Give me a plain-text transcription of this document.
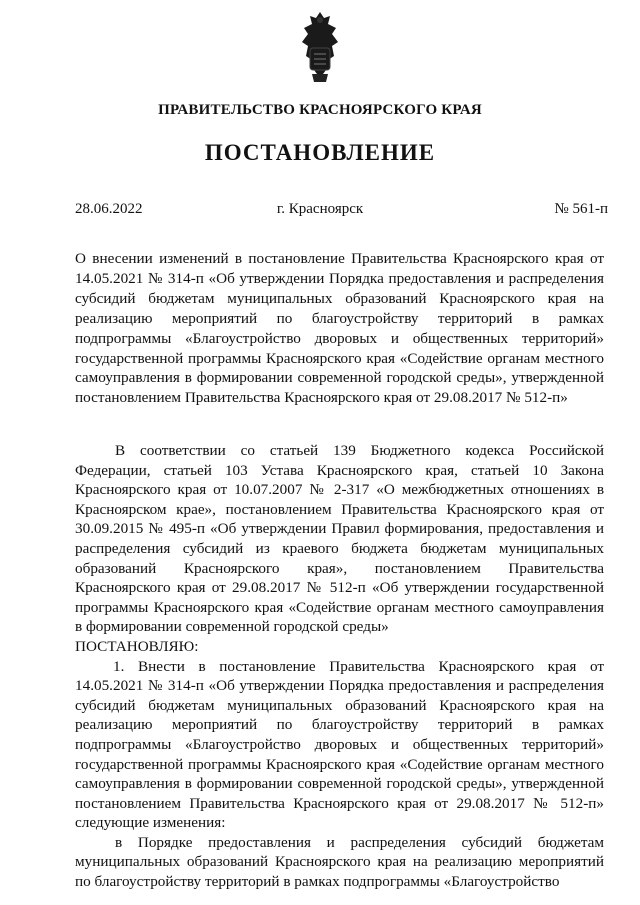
ПРАВИТЕЛЬСТВО КРАСНОЯРСКОГО КРАЯ
ПОСТАНОВЛЕНИЕ
28.06.2022	г. Красноярск	№ 561-п
О внесении изменений в постановление Правительства Красноярского края от 14.05.2021 № 314-п «Об утверждении Порядка предоставления и распределения субсидий бюджетам муниципальных образований Красноярского края на реализацию мероприятий по благоустройству территорий в рамках подпрограммы «Благоустройство дворовых и общественных территорий» государственной программы Красноярского края «Содействие органам местного самоуправления в формировании современной городской среды», утвержденной постановлением Правительства Красноярского края от 29.08.2017 № 512-п»

В соответствии со статьей 139 Бюджетного кодекса Российской Федерации, статьей 103 Устава Красноярского края, статьей 10 Закона Красноярского края от 10.07.2007 № 2-317 «О межбюджетных отношениях в Красноярском крае», постановлением Правительства Красноярского края от 30.09.2015 № 495-п «Об утверждении Правил формирования, предоставления и распределения субсидий из краевого бюджета бюджетам муниципальных образований Красноярского края», постановлением Правительства Красноярского края от 29.08.2017 № 512-п «Об утверждении государственной программы Красноярского края «Содействие органам местного самоуправления в формировании современной городской среды»

ПОСТАНОВЛЯЮ:

1. Внести в постановление Правительства Красноярского края от 14.05.2021 № 314-п «Об утверждении Порядка предоставления и распределения субсидий бюджетам муниципальных образований Красноярского края на реализацию мероприятий по благоустройству территорий в рамках подпрограммы «Благоустройство дворовых и общественных территорий» государственной программы Красноярского края «Содействие органам местного самоуправления в формировании современной городской среды», утвержденной постановлением Правительства Красноярского края от 29.08.2017 № 512-п» следующие изменения:

в Порядке предоставления и распределения субсидий бюджетам муниципальных образований Красноярского края на реализацию мероприятий по благоустройству территорий в рамках подпрограммы «Благоустройство
